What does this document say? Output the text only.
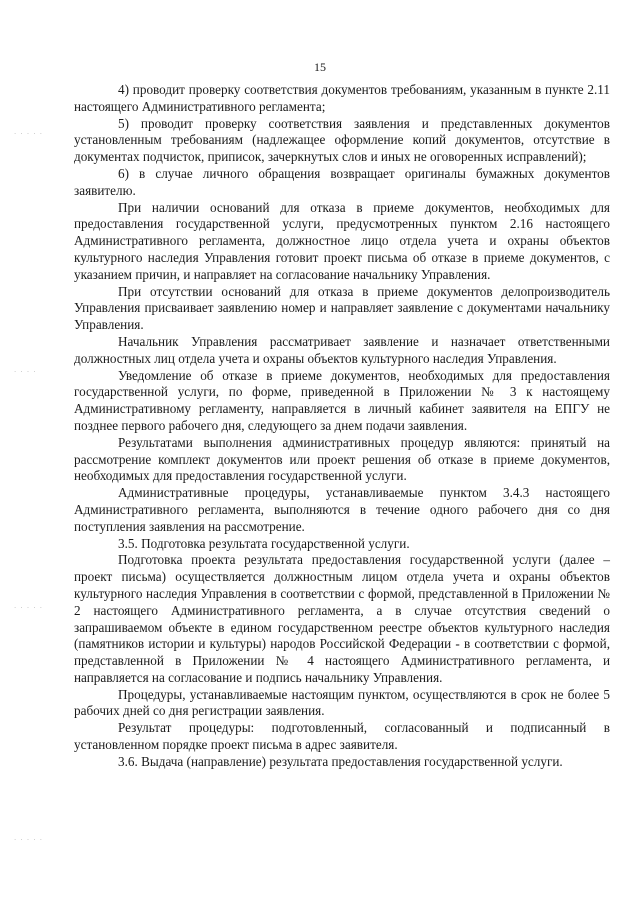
15
· · · · ·
· · · ·
· · · · ·
· · · · ·

4) проводит проверку соответствия документов требованиям, указанным в пункте 2.11 настоящего Административного регламента;

5) проводит проверку соответствия заявления и представленных документов установленным требованиям (надлежащее оформление копий документов, отсутствие в документах подчисток, приписок, зачеркнутых слов и иных не оговоренных исправлений);

6) в случае личного обращения возвращает оригиналы бумажных документов заявителю.

При наличии оснований для отказа в приеме документов, необходимых для предоставления государственной услуги, предусмотренных пунктом 2.16 настоящего Административного регламента, должностное лицо отдела учета и охраны объектов культурного наследия Управления готовит проект письма об отказе в приеме документов, с указанием причин, и направляет на согласование начальнику Управления.

При отсутствии оснований для отказа в приеме документов делопроизводитель Управления присваивает заявлению номер и направляет заявление с документами начальнику Управления.

Начальник Управления рассматривает заявление и назначает ответственными должностных лиц отдела учета и охраны объектов культурного наследия Управления.

Уведомление об отказе в приеме документов, необходимых для предоставления государственной услуги, по форме, приведенной в Приложении № 3 к настоящему Административному регламенту, направляется в личный кабинет заявителя на ЕПГУ не позднее первого рабочего дня, следующего за днем подачи заявления.

Результатами выполнения административных процедур являются: принятый на рассмотрение комплект документов или проект решения об отказе в приеме документов, необходимых для предоставления государственной услуги.

Административные процедуры, устанавливаемые пунктом 3.4.3 настоящего Административного регламента, выполняются в течение одного рабочего дня со дня поступления заявления на рассмотрение.

3.5. Подготовка результата государственной услуги.

Подготовка проекта результата предоставления государственной услуги (далее – проект письма) осуществляется должностным лицом отдела учета и охраны объектов культурного наследия Управления в соответствии с формой, представленной в Приложении № 2 настоящего Административного регламента, а в случае отсутствия сведений о запрашиваемом объекте в едином государственном реестре объектов культурного наследия (памятников истории и культуры) народов Российской Федерации - в соответствии с формой, представленной в Приложении № 4 настоящего Административного регламента, и направляется на согласование и подпись начальнику Управления.

Процедуры, устанавливаемые настоящим пунктом, осуществляются в срок не более 5 рабочих дней со дня регистрации заявления.

Результат процедуры: подготовленный, согласованный и подписанный в установленном порядке проект письма в адрес заявителя.

3.6. Выдача (направление) результата предоставления государственной услуги.
